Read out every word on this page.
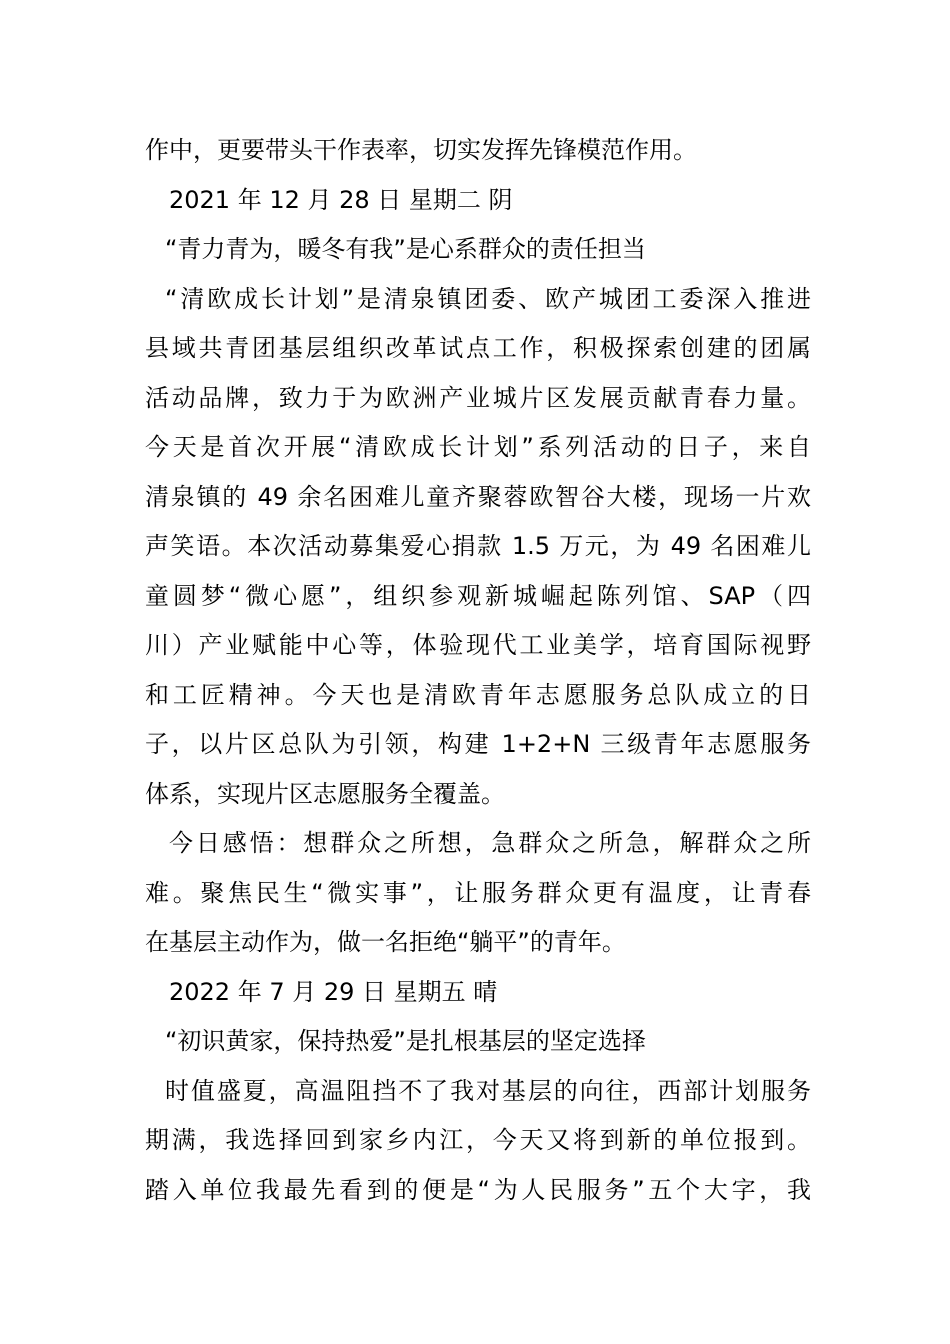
作中，更要带头干作表率，切实发挥先锋模范作用。
2021 年 12 月 28 日 星期二 阴
“青力青为，暖冬有我”是心系群众的责任担当
“清欧成长计划”是清泉镇团委、欧产城团工委深入推进
县域共青团基层组织改革试点工作，积极探索创建的团属
活动品牌，致力于为欧洲产业城片区发展贡献青春力量。
今天是首次开展“清欧成长计划”系列活动的日子，来自
清泉镇的 49 余名困难儿童齐聚蓉欧智谷大楼，现场一片欢
声笑语。本次活动募集爱心捐款 1.5 万元，为 49 名困难儿
童圆梦“微心愿”，组织参观新城崛起陈列馆、SAP（四
川）产业赋能中心等，体验现代工业美学，培育国际视野
和工匠精神。今天也是清欧青年志愿服务总队成立的日
子，以片区总队为引领，构建 1+2+N 三级青年志愿服务
体系，实现片区志愿服务全覆盖。
今日感悟：想群众之所想，急群众之所急，解群众之所
难。聚焦民生“微实事”，让服务群众更有温度，让青春
在基层主动作为，做一名拒绝“躺平”的青年。
2022 年 7 月 29 日 星期五 晴
“初识黄家，保持热爱”是扎根基层的坚定选择
时值盛夏，高温阻挡不了我对基层的向往，西部计划服务
期满，我选择回到家乡内江，今天又将到新的单位报到。
踏入单位我最先看到的便是“为人民服务”五个大字，我
